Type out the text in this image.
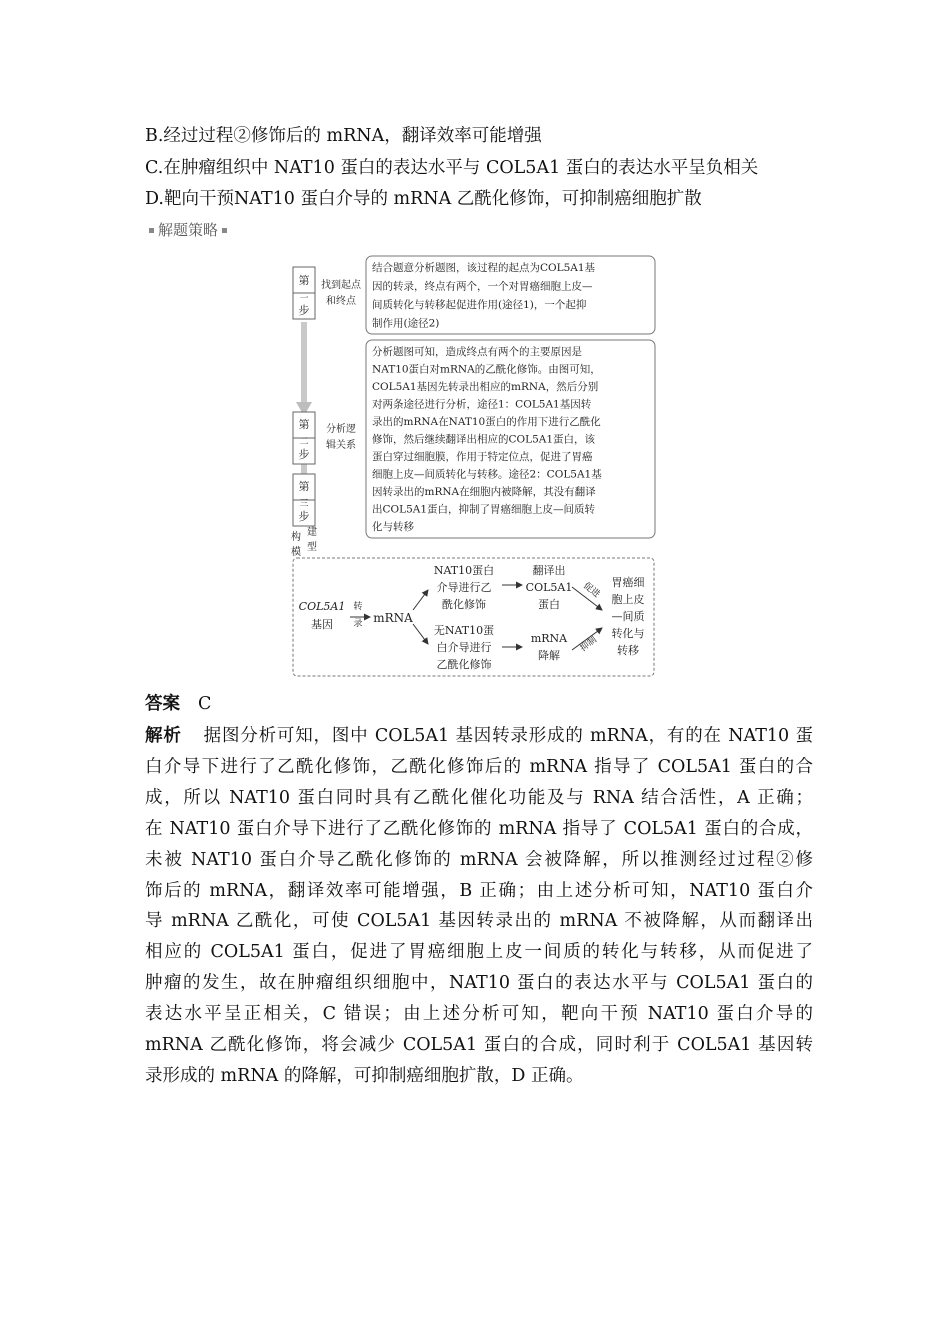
B.经过过程②修饰后的 mRNA，翻译效率可能增强
C.在肿瘤组织中 NAT10 蛋白的表达水平与 COL5A1 蛋白的表达水平呈负相关
D.靶向干预NAT10 蛋白介导的 mRNA 乙酰化修饰，可抑制癌细胞扩散
解题策略
第
一
步
找到起点
和终点
结合题意分析题图，该过程的起点为COL5A1基因的转录，终点有两个，一个对胃癌细胞上皮—间质转化与转移起促进作用(途径1)，一个起抑制作用(途径2)
第
二
步
分析逻
辑关系
分析题图可知，造成终点有两个的主要原因是 NAT10蛋白对mRNA的乙酰化修饰。由图可知， COL5A1基因先转录出相应的mRNA，然后分别对两条途径进行分析，途径1：COL5A1基因转录出的mRNA在NAT10蛋白的作用下进行乙酰化修饰，然后继续翻译出相应的COL5A1蛋白，该蛋白穿过细胞膜，作用于特定位点，促进了胃癌细胞上皮—间质转化与转移。途径2：COL5A1基因转录出的mRNA在细胞内被降解，其没有翻译出COL5A1蛋白，抑制了胃癌细胞上皮—间质转化与转移
第
三
步
构 建
模 型
COL5A1
基因
转
录 mRNA
NAT10蛋白介导进行乙酰化修饰
无NAT10蛋白介导进行乙酰化修饰
翻译出 COL5A1 蛋白
mRNA 降解
促进
抑制
胃癌细胞上皮—间质转化与转移
答案 C
解析 据图分析可知，图中 COL5A1 基因转录形成的 mRNA，有的在 NAT10 蛋
白介导下进行了乙酰化修饰，乙酰化修饰后的 mRNA 指导了 COL5A1 蛋白的合
成，所以 NAT10 蛋白同时具有乙酰化催化功能及与 RNA 结合活性，A 正确；
在 NAT10 蛋白介导下进行了乙酰化修饰的 mRNA 指导了 COL5A1 蛋白的合成，
未被 NAT10 蛋白介导乙酰化修饰的 mRNA 会被降解，所以推测经过过程②修
饰后的 mRNA，翻译效率可能增强，B 正确；由上述分析可知，NAT10 蛋白介
导 mRNA 乙酰化，可使 COL5A1 基因转录出的 mRNA 不被降解，从而翻译出
相应的 COL5A1 蛋白，促进了胃癌细胞上皮一间质的转化与转移，从而促进了
肿瘤的发生，故在肿瘤组织细胞中，NAT10 蛋白的表达水平与 COL5A1 蛋白的
表达水平呈正相关，C 错误；由上述分析可知，靶向干预 NAT10 蛋白介导的
mRNA 乙酰化修饰，将会减少 COL5A1 蛋白的合成，同时利于 COL5A1 基因转
录形成的 mRNA 的降解，可抑制癌细胞扩散，D 正确。
